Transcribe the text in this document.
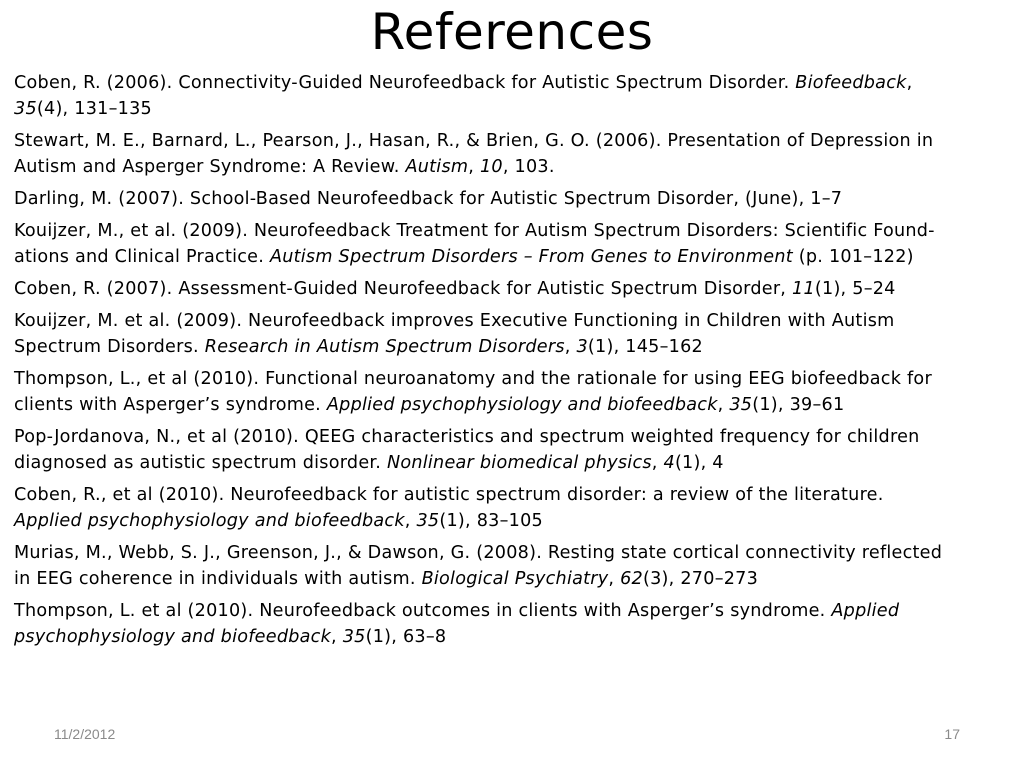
References
Coben, R. (2006). Connectivity-Guided Neurofeedback for Autistic Spectrum Disorder. Biofeedback,
35(4), 131–135
Stewart, M. E., Barnard, L., Pearson, J., Hasan, R., & Brien, G. O. (2006). Presentation of Depression in
Autism and Asperger Syndrome: A Review. Autism, 10, 103.
Darling, M. (2007). School-Based Neurofeedback for Autistic Spectrum Disorder, (June), 1–7
Kouijzer, M., et al. (2009). Neurofeedback Treatment for Autism Spectrum Disorders: Scientific Found-
ations and Clinical Practice. Autism Spectrum Disorders – From Genes to Environment (p. 101–122)
Coben, R. (2007). Assessment-Guided Neurofeedback for Autistic Spectrum Disorder, 11(1), 5–24
Kouijzer, M. et al. (2009). Neurofeedback improves Executive Functioning in Children with Autism
Spectrum Disorders. Research in Autism Spectrum Disorders, 3(1), 145–162
Thompson, L., et al (2010). Functional neuroanatomy and the rationale for using EEG biofeedback for
clients with Asperger’s syndrome. Applied psychophysiology and biofeedback, 35(1), 39–61
Pop-Jordanova, N., et al (2010). QEEG characteristics and spectrum weighted frequency for children
diagnosed as autistic spectrum disorder. Nonlinear biomedical physics, 4(1), 4
Coben, R., et al (2010). Neurofeedback for autistic spectrum disorder: a review of the literature.
Applied psychophysiology and biofeedback, 35(1), 83–105
Murias, M., Webb, S. J., Greenson, J., & Dawson, G. (2008). Resting state cortical connectivity reflected
in EEG coherence in individuals with autism. Biological Psychiatry, 62(3), 270–273
Thompson, L. et al (2010). Neurofeedback outcomes in clients with Asperger’s syndrome. Applied
psychophysiology and biofeedback, 35(1), 63–8
11/2/2012	17
